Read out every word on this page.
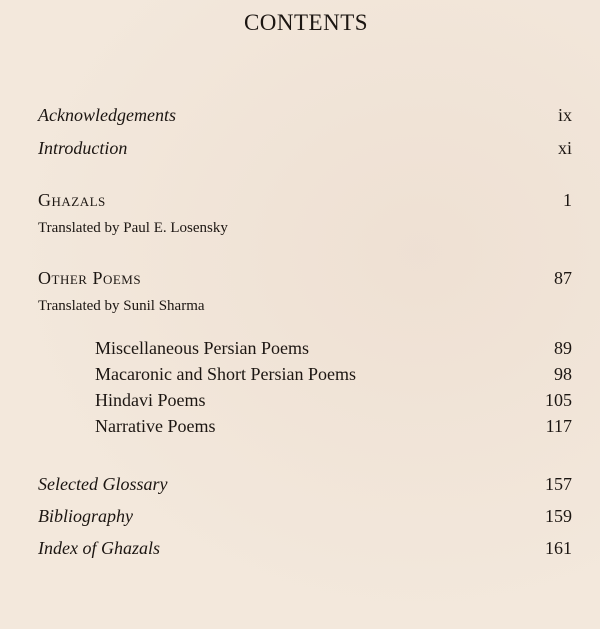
CONTENTS
Acknowledgements	ix
Introduction	xi
Ghazals	1
Translated by Paul E. Losensky
Other Poems	87
Translated by Sunil Sharma
Miscellaneous Persian Poems	89
Macaronic and Short Persian Poems	98
Hindavi Poems	105
Narrative Poems	117
Selected Glossary	157
Bibliography	159
Index of Ghazals	161
